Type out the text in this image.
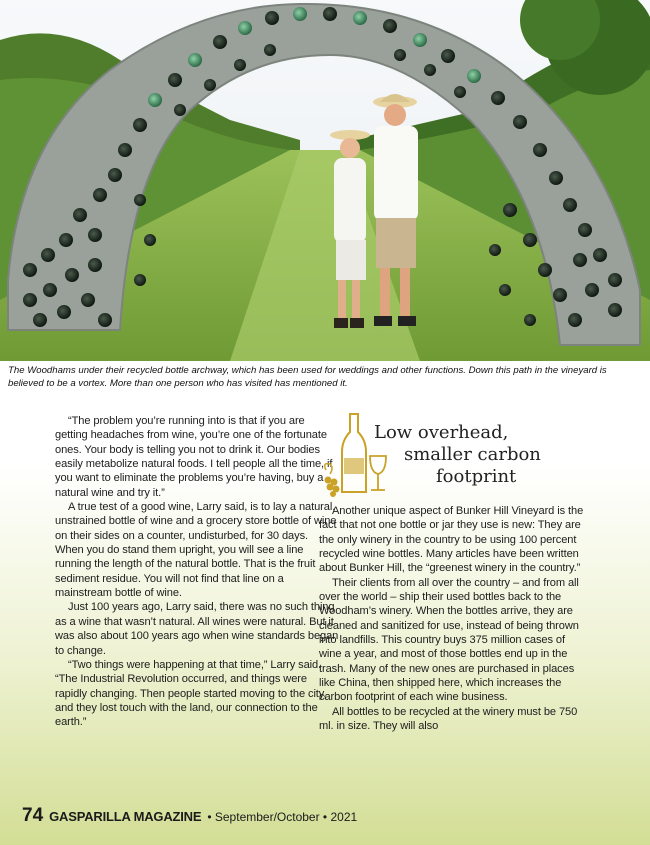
The Woodhams under their recycled bottle archway, which has been used for weddings and other functions. Down this path in the vineyard is believed to be a vortex. More than one person who has visited has mentioned it.

“The problem you’re running into is that if you are getting headaches from wine, you’re one of the fortunate ones. Your body is telling you not to drink it. Our bodies easily metabolize natural foods. I tell people all the time, if you want to eliminate the problems you’re having, buy a natural wine and try it.”

A true test of a good wine, Larry said, is to lay a natural, unstrained bottle of wine and a grocery store bottle of wine on their sides on a counter, undisturbed, for 30 days. When you do stand them upright, you will see a line running the length of the natural bottle. That is the fruit sediment residue. You will not find that line on a mainstream bottle of wine.

Just 100 years ago, Larry said, there was no such thing as a wine that wasn’t natural. All wines were natural. But it was also about 100 years ago when wine standards began to change.

“Two things were happening at that time,” Larry said. “The Industrial Revolution occurred, and things were rapidly changing. Then people started moving to the city, and they lost touch with the land, our connection to the earth.”

Low overhead,
smaller carbon
footprint

Another unique aspect of Bunker Hill Vineyard is the fact that not one bottle or jar they use is new: They are the only winery in the country to be using 100 percent recycled wine bottles. Many articles have been written about Bunker Hill, the “greenest winery in the country.”

Their clients from all over the country – and from all over the world – ship their used bottles back to the Woodham’s winery. When the bottles arrive, they are cleaned and sanitized for use, instead of being thrown into landfills. This country buys 375 million cases of wine a year, and most of those bottles end up in the trash. Many of the new ones are purchased in places like China, then shipped here, which increases the carbon footprint of each wine business.

All bottles to be recycled at the winery must be 750 ml. in size. They will also

74 GASPARILLA MAGAZINE • September/October • 2021
